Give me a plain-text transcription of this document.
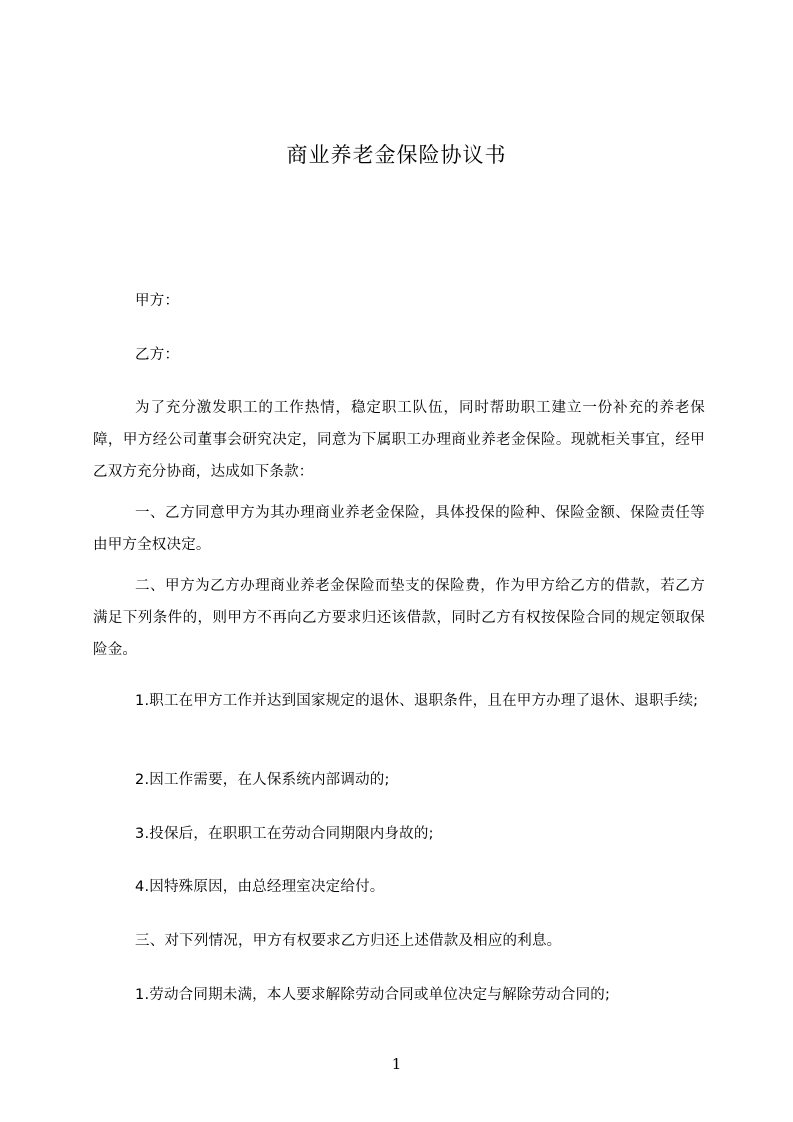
商业养老金保险协议书

甲方：

乙方：

为了充分激发职工的工作热情，稳定职工队伍，同时帮助职工建立一份补充的养老保障，甲方经公司董事会研究决定，同意为下属职工办理商业养老金保险。现就柜关事宜，经甲乙双方充分协商，达成如下条款：

一、乙方同意甲方为其办理商业养老金保险，具体投保的险种、保险金额、保险责任等由甲方全权决定。

二、甲方为乙方办理商业养老金保险而垫支的保险费，作为甲方给乙方的借款，若乙方满足下列条件的，则甲方不再向乙方要求归还该借款，同时乙方有权按保险合同的规定领取保险金。

1.职工在甲方工作并达到国家规定的退休、退职条件，且在甲方办理了退休、退职手续;

2.因工作需要，在人保系统内部调动的;

3.投保后，在职职工在劳动合同期限内身故的;

4.因特殊原因，由总经理室决定给付。

三、对下列情况，甲方有权要求乙方归还上述借款及相应的利息。

1.劳动合同期未满，本人要求解除劳动合同或单位决定与解除劳动合同的;

1
